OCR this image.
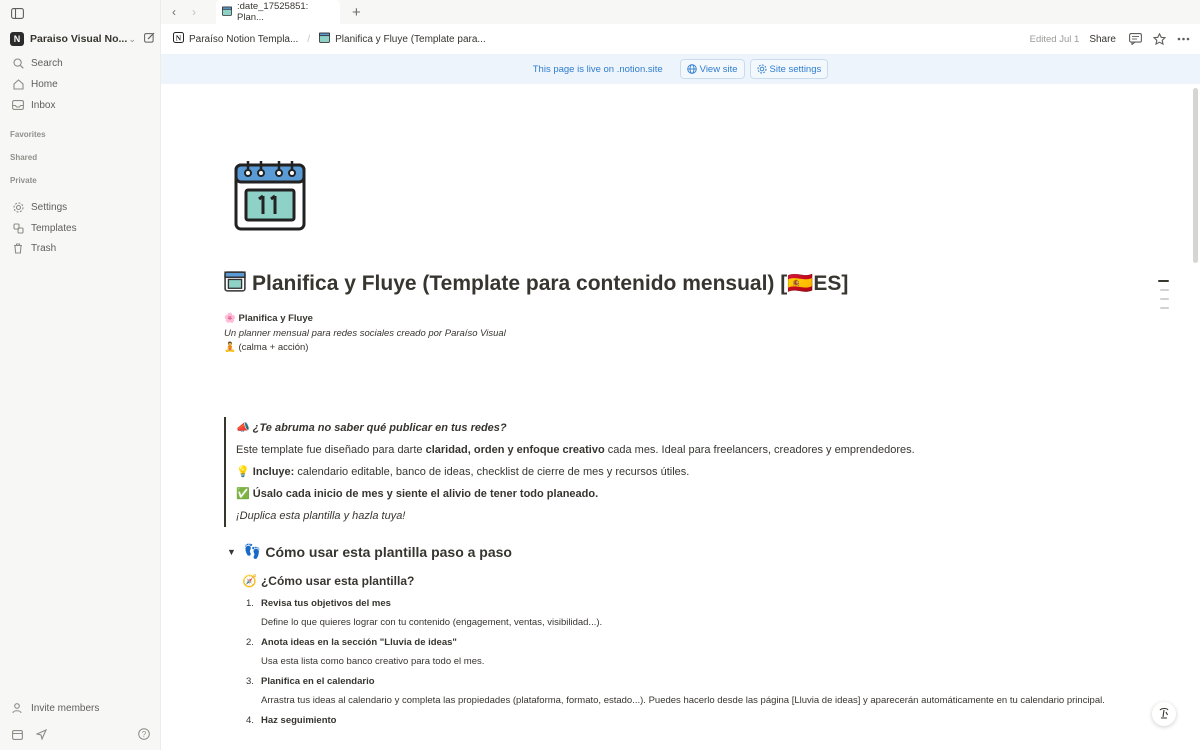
N Paraiso Visual No... ⌄
Search
Home
Inbox
Favorites
Shared
Private
Settings
Templates
Trash
Invite members
?
‹	›	:date_17525851: Plan...	+
N Paraíso Notion Templa... /	Planifica y Fluye (Template para...	Edited Jul 1 Share
This page is live on .notion.site	View site	Site settings
Planifica y Fluye (Template para contenido mensual) [🇪🇸ES]
🌸 Planifica y Fluye
Un planner mensual para redes sociales creado por Paraíso Visual
🧘 (calma + acción)

📣 ¿Te abruma no saber qué publicar en tus redes?

Este template fue diseñado para darte claridad, orden y enfoque creativo cada mes. Ideal para freelancers, creadores y emprendedores.

💡 Incluye: calendario editable, banco de ideas, checklist de cierre de mes y recursos útiles.

✅ Úsalo cada inicio de mes y siente el alivio de tener todo planeado.

¡Duplica esta plantilla y hazla tuya!

▼ 👣 Cómo usar esta plantilla paso a paso
🧭 ¿Cómo usar esta plantilla?
1. Revisa tus objetivos del mes
Define lo que quieres lograr con tu contenido (engagement, ventas, visibilidad...).
2. Anota ideas en la sección "Lluvia de ideas"
Usa esta lista como banco creativo para todo el mes.
3. Planifica en el calendario
Arrastra tus ideas al calendario y completa las propiedades (plataforma, formato, estado...). Puedes hacerlo desde las página [Lluvia de ideas] y aparecerán automáticamente en tu calendario principal.
4. Haz seguimiento
